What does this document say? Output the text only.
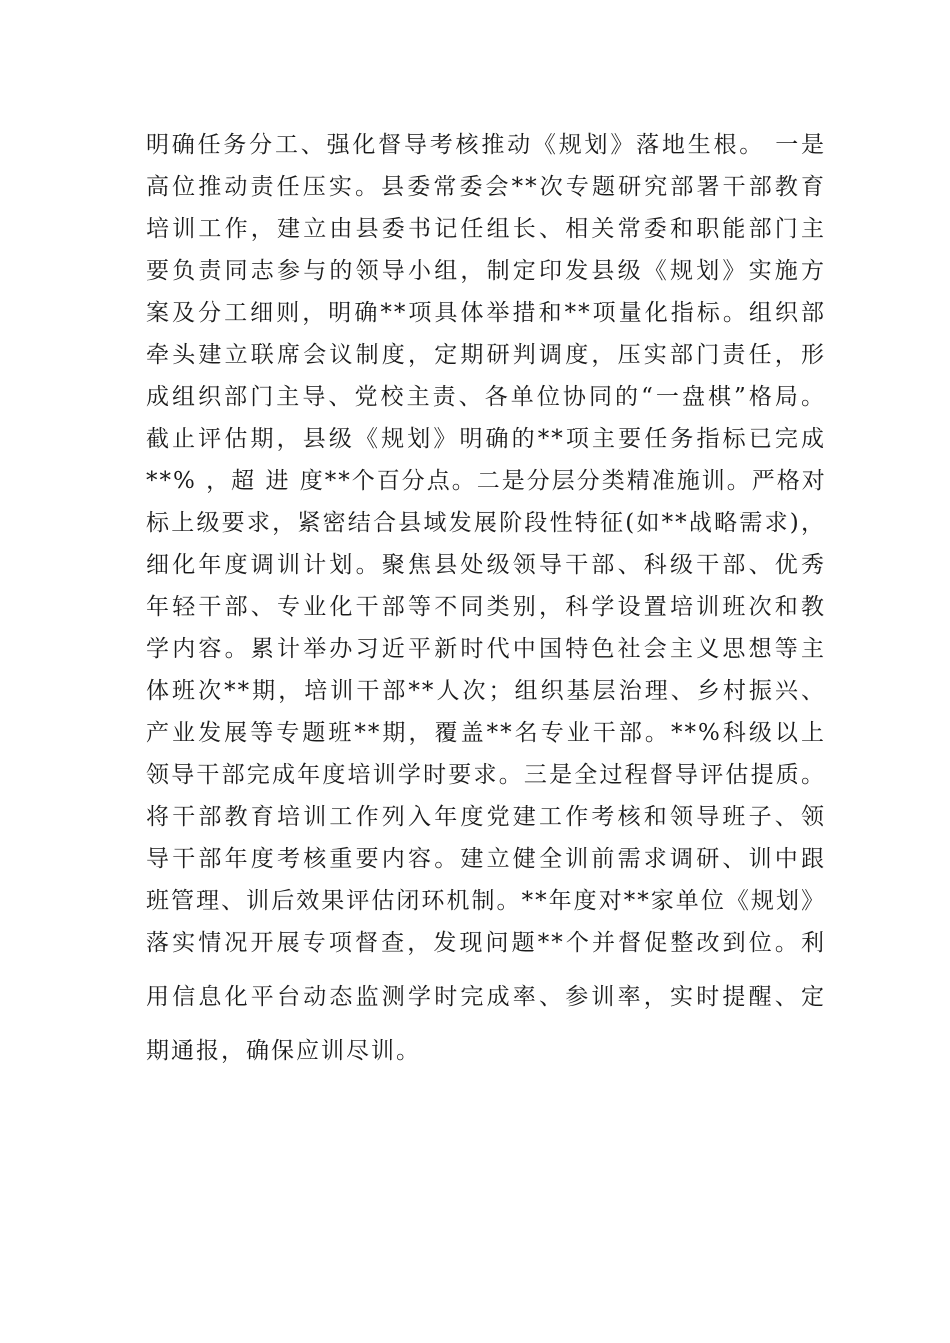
明确任务分工、强化督导考核推动《规划》落地生根。 一是
高位推动责任压实。县委常委会**次专题研究部署干部教育
培训工作，建立由县委书记任组长、相关常委和职能部门主
要负责同志参与的领导小组，制定印发县级《规划》实施方
案及分工细则，明确**项具体举措和**项量化指标。组织部
牵头建立联席会议制度，定期研判调度，压实部门责任，形
成组织部门主导、党校主责、各单位协同的“一盘棋”格局。
截止评估期，县级《规划》明确的**项主要任务指标已完成
**% ，超 进 度**个百分点。二是分层分类精准施训。严格对
标上级要求，紧密结合县域发展阶段性特征(如**战略需求)，
细化年度调训计划。聚焦县处级领导干部、科级干部、优秀
年轻干部、专业化干部等不同类别，科学设置培训班次和教
学内容。累计举办习近平新时代中国特色社会主义思想等主
体班次**期，培训干部**人次；组织基层治理、乡村振兴、
产业发展等专题班**期，覆盖**名专业干部。**%科级以上
领导干部完成年度培训学时要求。三是全过程督导评估提质。
将干部教育培训工作列入年度党建工作考核和领导班子、领
导干部年度考核重要内容。建立健全训前需求调研、训中跟
班管理、训后效果评估闭环机制。**年度对**家单位《规划》
落实情况开展专项督查，发现问题**个并督促整改到位。利
用信息化平台动态监测学时完成率、参训率，实时提醒、定
期通报，确保应训尽训。
